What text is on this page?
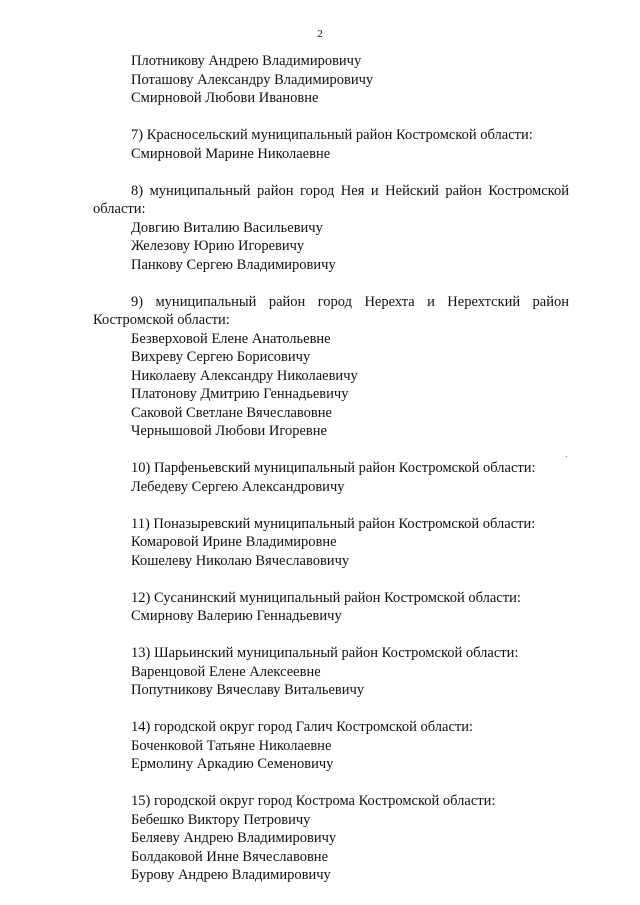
2
Плотникову Андрею Владимировичу
Поташову Александру Владимировичу
Смирновой Любови Ивановне
7) Красносельский муниципальный район Костромской области:
Смирновой Марине Николаевне
8) муниципальный район город Нея и Нейский район Костромской области:
Довгию Виталию Васильевичу
Железову Юрию Игоревичу
Панкову Сергею Владимировичу
9) муниципальный район город Нерехта и Нерехтский район Костромской области:
Безверховой Елене Анатольевне
Вихреву Сергею Борисовичу
Николаеву Александру Николаевичу
Платонову Дмитрию Геннадьевичу
Саковой Светлане Вячеславовне
Чернышовой Любови Игоревне
10) Парфеньевский муниципальный район Костромской области:
Лебедеву Сергею Александровичу
11) Поназыревский муниципальный район Костромской области:
Комаровой Ирине Владимировне
Кошелеву Николаю Вячеславовичу
12) Сусанинский муниципальный район Костромской области:
Смирнову Валерию Геннадьевичу
13) Шарьинский муниципальный район Костромской области:
Варенцовой Елене Алексеевне
Попутникову Вячеславу Витальевичу
14) городской округ город Галич Костромской области:
Боченковой Татьяне Николаевне
Ермолину Аркадию Семеновичу
15) городской округ город Кострома Костромской области:
Бебешко Виктору Петровичу
Беляеву Андрею Владимировичу
Болдаковой Инне Вячеславовне
Бурову Андрею Владимировичу
